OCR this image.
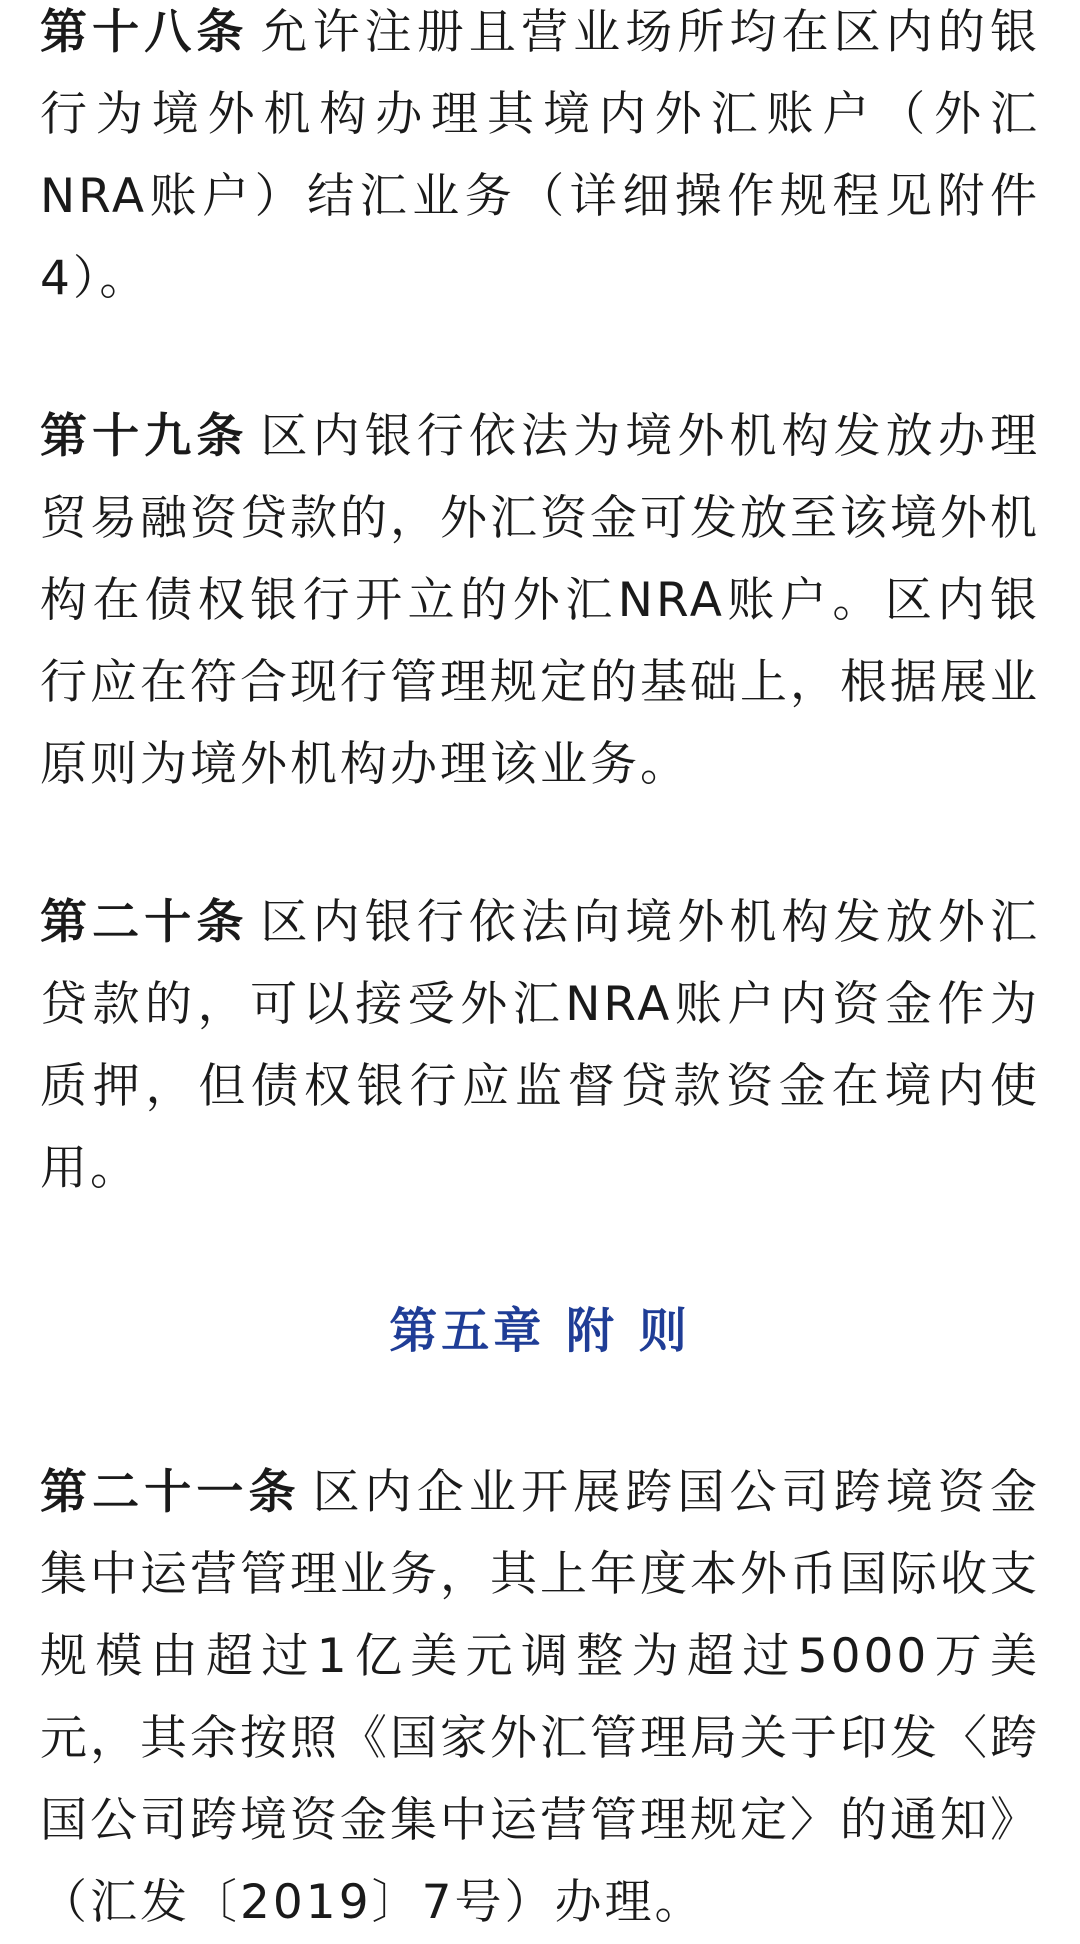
第十八条 允许注册且营业场所均在区内的银行为境外机构办理其境内外汇账户（外汇NRA账户）结汇业务（详细操作规程见附件4）。

第十九条 区内银行依法为境外机构发放办理贸易融资贷款的，外汇资金可发放至该境外机构在债权银行开立的外汇NRA账户。区内银行应在符合现行管理规定的基础上，根据展业原则为境外机构办理该业务。

第二十条 区内银行依法向境外机构发放外汇贷款的，可以接受外汇NRA账户内资金作为质押，但债权银行应监督贷款资金在境内使用。

第五章 附 则

第二十一条 区内企业开展跨国公司跨境资金集中运营管理业务，其上年度本外币国际收支规模由超过1亿美元调整为超过5000万美元，其余按照《国家外汇管理局关于印发〈跨国公司跨境资金集中运营管理规定〉的通知》（汇发〔2019〕7号）办理。
